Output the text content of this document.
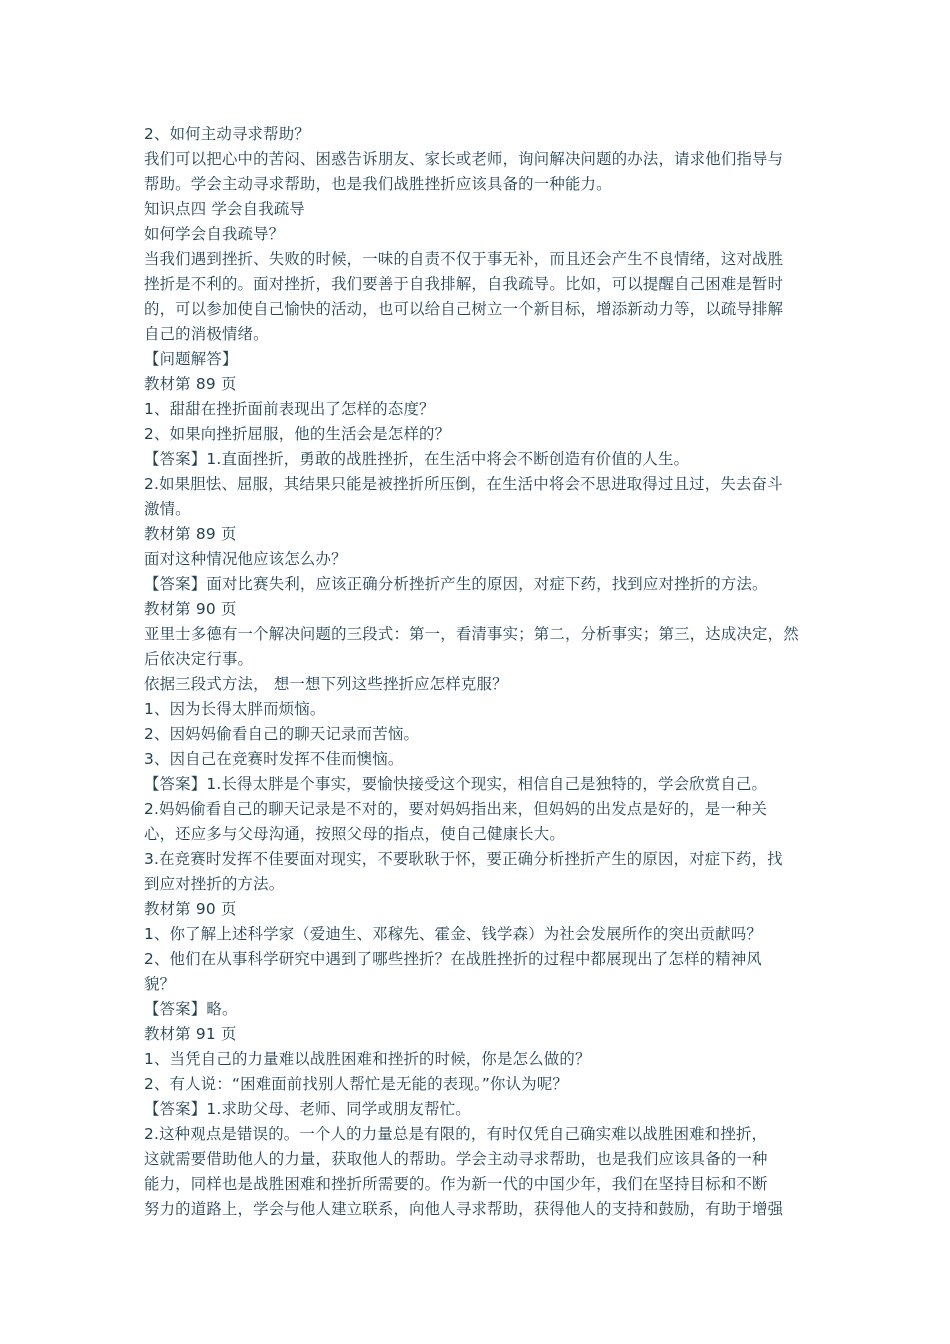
2、如何主动寻求帮助？
我们可以把心中的苦闷、困惑告诉朋友、家长或老师，询问解决问题的办法，请求他们指导与
帮助。学会主动寻求帮助，也是我们战胜挫折应该具备的一种能力。
知识点四 学会自我疏导
如何学会自我疏导？
当我们遇到挫折、失败的时候，一味的自责不仅于事无补，而且还会产生不良情绪，这对战胜
挫折是不利的。面对挫折，我们要善于自我排解，自我疏导。比如，可以提醒自己困难是暂时
的，可以参加使自己愉快的活动，也可以给自己树立一个新目标，增添新动力等，以疏导排解
自己的消极情绪。
【问题解答】
教材第 89 页
1、甜甜在挫折面前表现出了怎样的态度？
2、如果向挫折屈服，他的生活会是怎样的？
【答案】1.直面挫折，勇敢的战胜挫折，在生活中将会不断创造有价值的人生。
2.如果胆怯、屈服，其结果只能是被挫折所压倒，在生活中将会不思进取得过且过，失去奋斗
激情。
教材第 89 页
面对这种情况他应该怎么办？
【答案】面对比赛失利，应该正确分析挫折产生的原因，对症下药，找到应对挫折的方法。
教材第 90 页
亚里士多德有一个解决问题的三段式：第一，看清事实；第二，分析事实；第三，达成决定，然
后依决定行事。
依据三段式方法， 想一想下列这些挫折应怎样克服？
1、因为长得太胖而烦恼。
2、因妈妈偷看自己的聊天记录而苦恼。
3、因自己在竞赛时发挥不佳而懊恼。
【答案】1.长得太胖是个事实，要愉快接受这个现实，相信自己是独特的，学会欣赏自己。
2.妈妈偷看自己的聊天记录是不对的，要对妈妈指出来，但妈妈的出发点是好的，是一种关
心，还应多与父母沟通，按照父母的指点，使自己健康长大。
3.在竞赛时发挥不佳要面对现实，不要耿耿于怀，要正确分析挫折产生的原因，对症下药，找
到应对挫折的方法。
教材第 90 页
1、你了解上述科学家（爱迪生、邓稼先、霍金、钱学森）为社会发展所作的突出贡献吗？
2、他们在从事科学研究中遇到了哪些挫折？在战胜挫折的过程中都展现出了怎样的精神风
貌？
【答案】略。
教材第 91 页
1、当凭自己的力量难以战胜困难和挫折的时候，你是怎么做的？
2、有人说：“困难面前找别人帮忙是无能的表现。”你认为呢？
【答案】1.求助父母、老师、同学或朋友帮忙。
2.这种观点是错误的。一个人的力量总是有限的，有时仅凭自己确实难以战胜困难和挫折，
这就需要借助他人的力量，获取他人的帮助。学会主动寻求帮助，也是我们应该具备的一种
能力，同样也是战胜困难和挫折所需要的。作为新一代的中国少年，我们在坚持目标和不断
努力的道路上，学会与他人建立联系，向他人寻求帮助，获得他人的支持和鼓励，有助于增强
